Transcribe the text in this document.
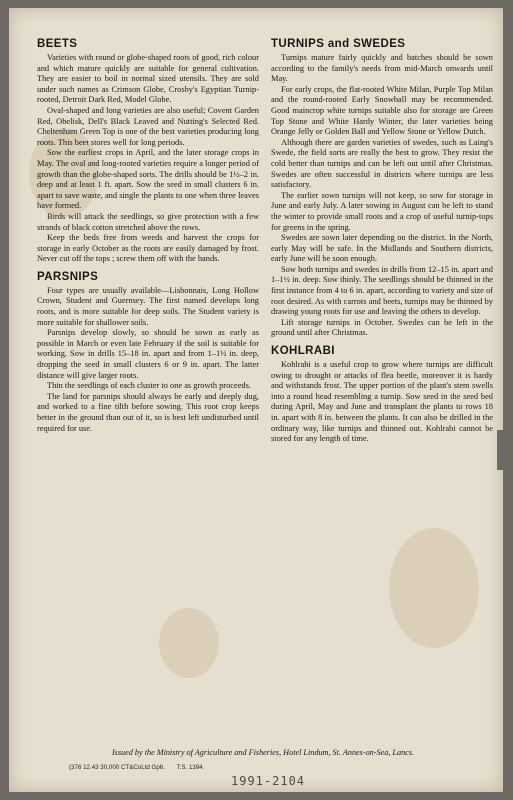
BEETS

Varieties with round or globe-shaped roots of good, rich colour and which mature quickly are suitable for general cultivation. They are easier to boil in normal sized utensils. They are sold under such names as Crimson Globe, Crosby's Egyptian Turnip-rooted, Detroit Dark Red, Model Globe.

Oval-shaped and long varieties are also useful; Covent Garden Red, Obelisk, Dell's Black Leaved and Nutting's Selected Red. Cheltenham Green Top is one of the best varieties producing long roots. This beet stores well for long periods.

Sow the earliest crops in April, and the later storage crops in May. The oval and long-rooted varieties require a longer period of growth than the globe-shaped sorts. The drills should be 1½–2 in. deep and at least 1 ft. apart. Sow the seed in small clusters 6 in. apart to save waste, and single the plants to one when three leaves have formed.

Birds will attack the seedlings, so give protection with a few strands of black cotton stretched above the rows.

Keep the beds free from weeds and harvest the crops for storage in early October as the roots are easily damaged by frost. Never cut off the tops ; screw them off with the hands.

PARSNIPS

Four types are usually available—Lisbonnais, Long Hollow Crown, Student and Guernsey. The first named develops long roots, and is more suitable for deep soils. The Student variety is more suitable for shallower soils.

Parsnips develop slowly, so should be sown as early as possible in March or even late February if the soil is suitable for working. Sow in drills 15–18 in. apart and from 1–1½ in. deep, dropping the seed in small clusters 6 or 9 in. apart. The latter distance will give larger roots.

Thin the seedlings of each cluster to one as growth proceeds.

The land for parsnips should always be early and deeply dug, and worked to a fine tilth before sowing. This root crop keeps better in the ground than out of it, so is best left undisturbed until required for use.

TURNIPS and SWEDES

Turnips mature fairly quickly and batches should be sown according to the family's needs from mid-March onwards until May.

For early crops, the flat-rooted White Milan, Purple Top Milan and the round-rooted Early Snowball may be recommended. Good maincrop white turnips suitable also for storage are Green Top Stone and White Hardy Winter, the later varieties being Orange Jelly or Golden Ball and Yellow Stone or Yellow Dutch.

Although there are garden varieties of swedes, such as Laing's Swede, the field sorts are really the best to grow. They resist the cold better than turnips and can be left out until after Christmas. Swedes are often successful in districts where turnips are less satisfactory.

The earlier sown turnips will not keep, so sow for storage in June and early July. A later sowing in August can be left to stand the winter to provide small roots and a crop of useful turnip-tops for greens in the spring.

Swedes are sown later depending on the district. In the North, early May will be safe. In the Midlands and Southern districts, early June will be soon enough.

Sow both turnips and swedes in drills from 12–15 in. apart and 1–1½ in. deep. Sow thinly. The seedlings should be thinned in the first instance from 4 to 6 in. apart, according to variety and size of root desired. As with carrots and beets, turnips may be thinned by drawing young roots for use and leaving the others to develop.

Lift storage turnips in October. Swedes can be left in the ground until after Christmas.

KOHLRABI

Kohlrabi is a useful crop to grow where turnips are difficult owing to drought or attacks of flea beetle, moreover it is hardy and withstands frost. The upper portion of the plant's stem swells into a round head resembling a turnip. Sow seed in the seed bed during April, May and June and transplant the plants to rows 18 in. apart with 8 in. between the plants. It can also be drilled in the ordinary way, like turnips and thinned out. Kohlrabi cannot be stored for any length of time.

Issued by the Ministry of Agriculture and Fisheries, Hotel Lindum, St. Annes-on-Sea, Lancs.
(376 12.43 30,000 CT&CoLtd Gp6. T.S. 1394.
1991-2104
